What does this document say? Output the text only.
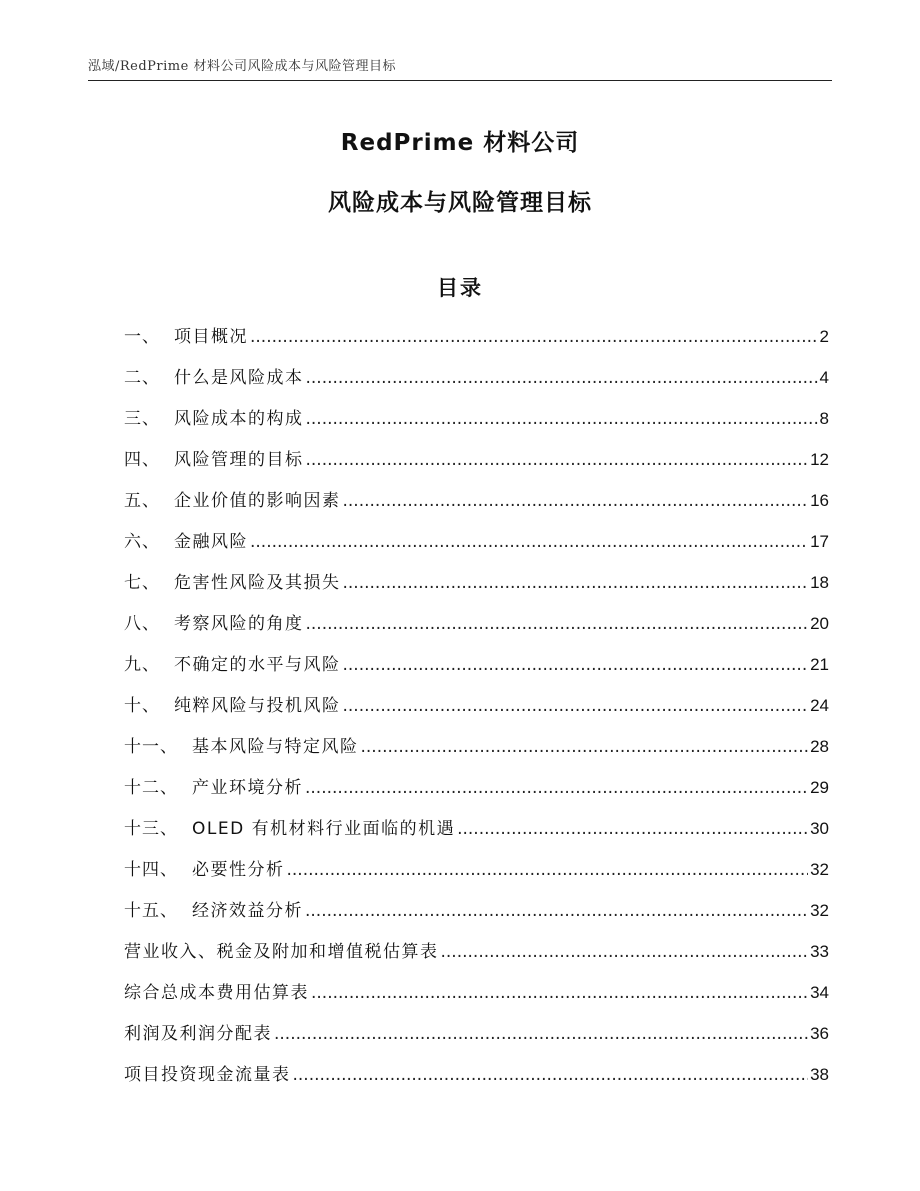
泓域/RedPrime 材料公司风险成本与风险管理目标
RedPrime 材料公司
风险成本与风险管理目标
目录
一、 项目概况 .....	2
二、 什么是风险成本 .....	4
三、 风险成本的构成 .....	8
四、 风险管理的目标 .....	12
五、 企业价值的影响因素 .....	16
六、 金融风险 .....	17
七、 危害性风险及其损失 .....	18
八、 考察风险的角度 .....	20
九、 不确定的水平与风险 .....	21
十、 纯粹风险与投机风险 .....	24
十一、 基本风险与特定风险 .....	28
十二、 产业环境分析 .....	29
十三、 OLED 有机材料行业面临的机遇 .....	30
十四、 必要性分析 .....	32
十五、 经济效益分析 .....	32
营业收入、税金及附加和增值税估算表 .....	33
综合总成本费用估算表 .....	34
利润及利润分配表 .....	36
项目投资现金流量表 .....	38
